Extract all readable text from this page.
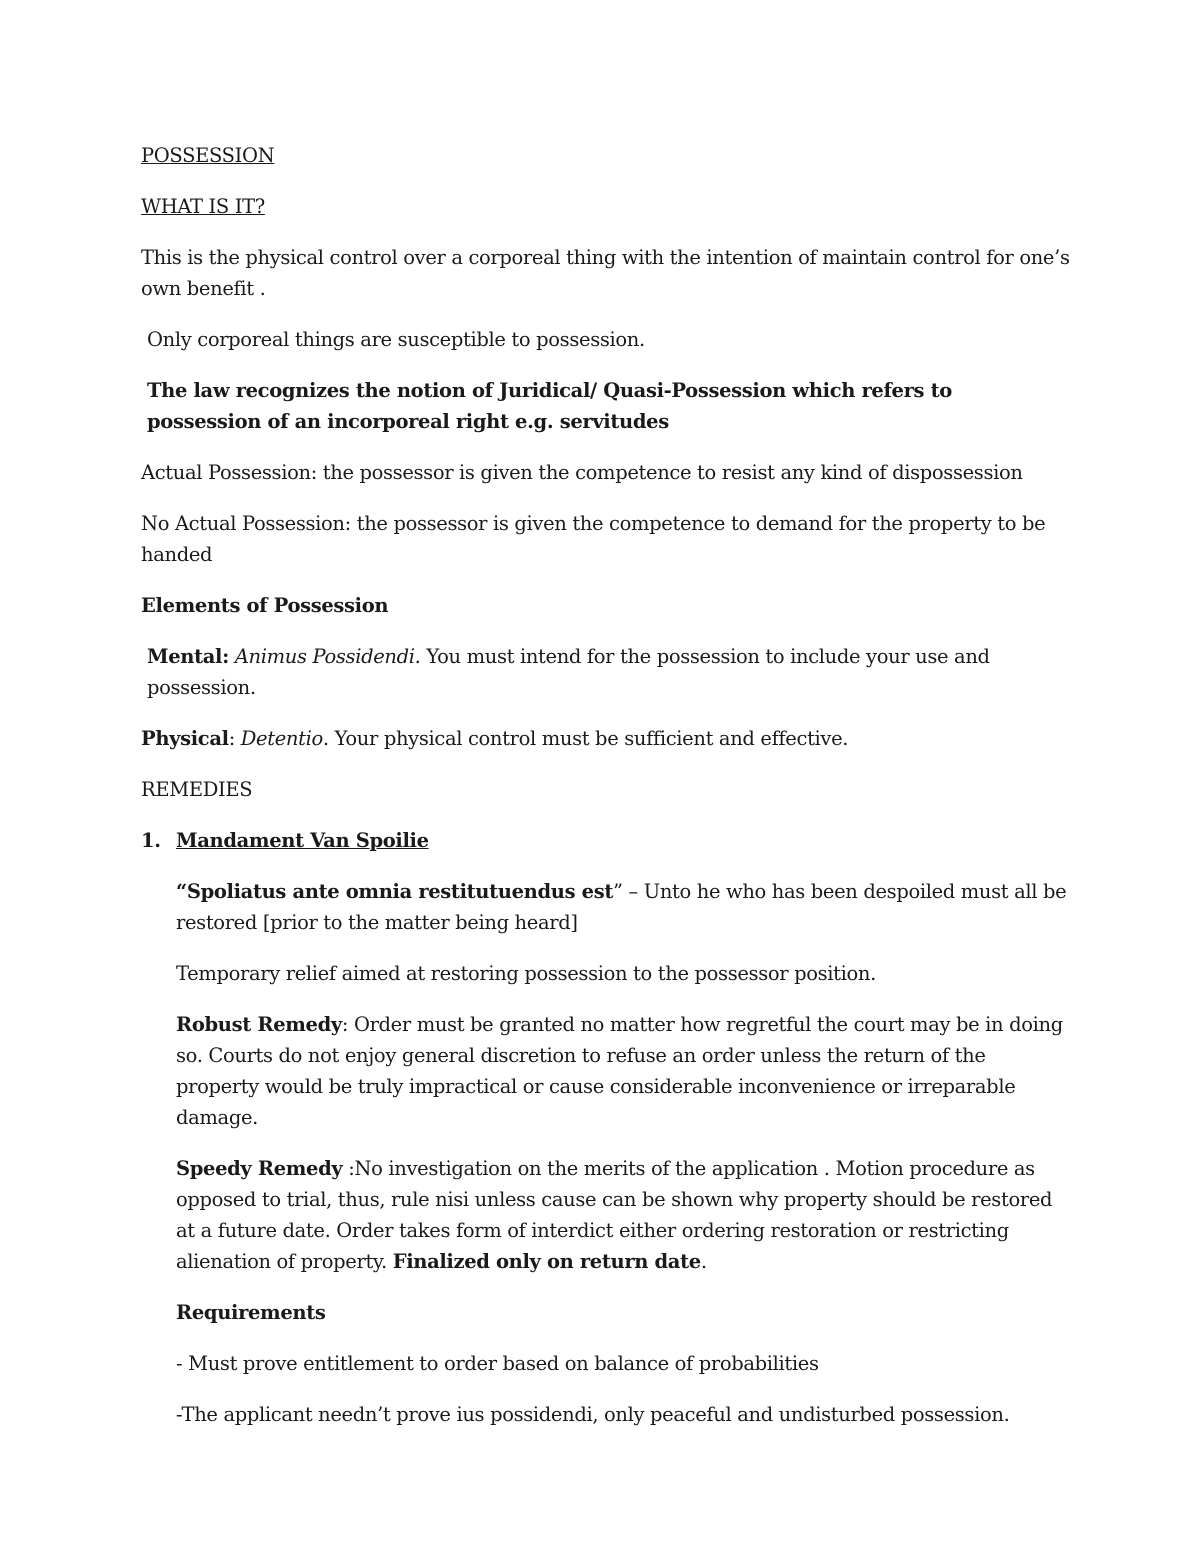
POSSESSION

WHAT IS IT?

This is the physical control over a corporeal thing with the intention of maintain control for one’s own benefit .

Only corporeal things are susceptible to possession.

The law recognizes the notion of Juridical/ Quasi-Possession which refers to possession of an incorporeal right e.g. servitudes

Actual Possession: the possessor is given the competence to resist any kind of dispossession

No Actual Possession: the possessor is given the competence to demand for the property to be handed

Elements of Possession

Mental: Animus Possidendi. You must intend for the possession to include your use and possession.

Physical: Detentio. Your physical control must be sufficient and effective.

REMEDIES

1. Mandament Van Spoilie

“Spoliatus ante omnia restitutuendus est” – Unto he who has been despoiled must all be restored [prior to the matter being heard]

Temporary relief aimed at restoring possession to the possessor position.

Robust Remedy: Order must be granted no matter how regretful the court may be in doing so. Courts do not enjoy general discretion to refuse an order unless the return of the property would be truly impractical or cause considerable inconvenience or irreparable damage.

Speedy Remedy :No investigation on the merits of the application . Motion procedure as opposed to trial, thus, rule nisi unless cause can be shown why property should be restored at a future date. Order takes form of interdict either ordering restoration or restricting alienation of property. Finalized only on return date.

Requirements

- Must prove entitlement to order based on balance of probabilities

-The applicant needn’t prove ius possidendi, only peaceful and undisturbed possession.
